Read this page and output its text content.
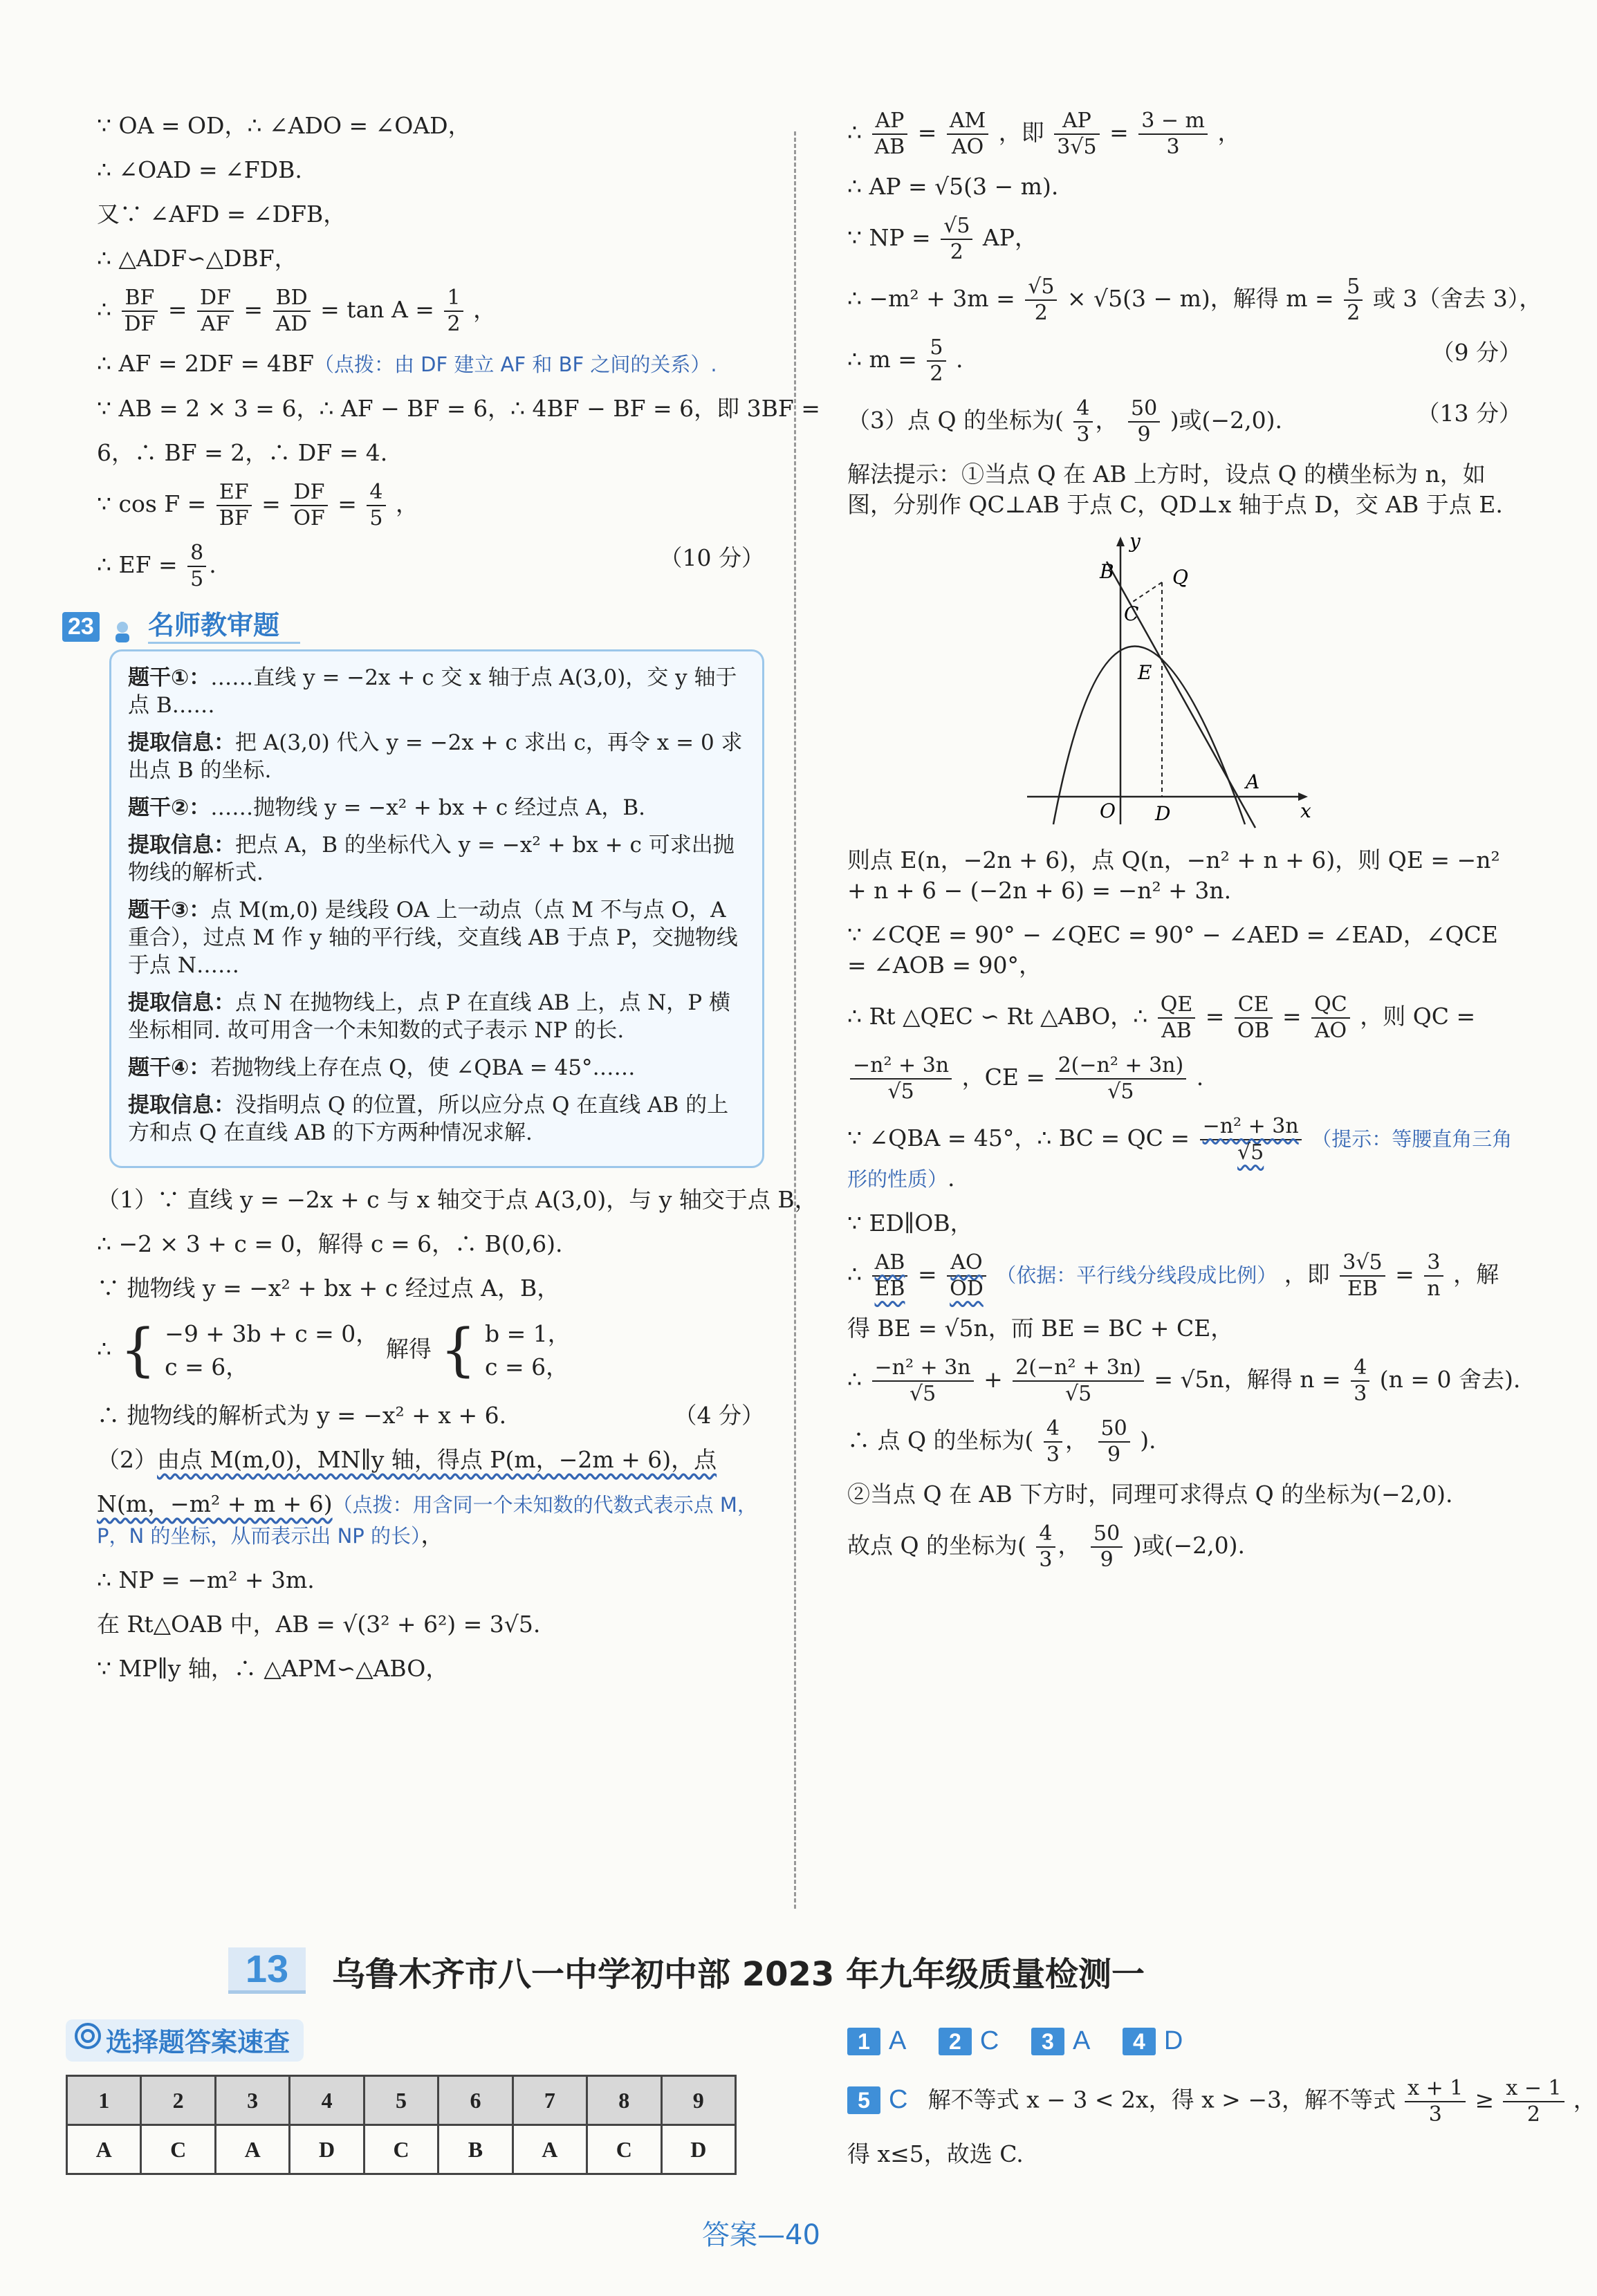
∵ OA = OD，∴ ∠ADO = ∠OAD，
∴ ∠OAD = ∠FDB.
又∵ ∠AFD = ∠DFB，
∴ △ADF∽△DBF，
∴ $\frac{BF}{DF} = \frac{DF}{AF} = \frac{BD}{AD} = \tan A = \frac{1}{2}$ ，
∴ AF = 2DF = 4BF（点拨：由 DF 建立 AF 和 BF 之间的关系）.
∵ AB = 2 × 3 = 6，∴ AF − BF = 6，∴ 4BF − BF = 6，即 3BF =
6，∴ BF = 2，∴ DF = 4.
∵ $\cos F = \frac{EF}{BF} = \frac{DF}{OF} = \frac{4}{5}$ ，
∴ EF = $\frac{8}{5}$ .	（10 分）
23 名师教审题
题干①：……直线 y = −2x + c 交 x 轴于点 A(3,0)，交 y 轴于点 B……
提取信息：把 A(3,0) 代入 y = −2x + c 求出 c，再令 x = 0 求出点 B 的坐标.
题干②：……抛物线 y = −x² + bx + c 经过点 A，B.
提取信息：把点 A，B 的坐标代入 y = −x² + bx + c 可求出抛物线的解析式.
题干③：点 M(m,0) 是线段 OA 上一动点（点 M 不与点 O，A 重合），过点 M 作 y 轴的平行线，交直线 AB 于点 P，交抛物线于点 N……
提取信息：点 N 在抛物线上，点 P 在直线 AB 上，点 N，P 横坐标相同. 故可用含一个未知数的式子表示 NP 的长.
题干④：若抛物线上存在点 Q，使 ∠QBA = 45°……
提取信息：没指明点 Q 的位置，所以应分点 Q 在直线 AB 的上方和点 Q 在直线 AB 的下方两种情况求解.
（1）∵ 直线 y = −2x + c 与 x 轴交于点 A(3,0)，与 y 轴交于点 B，
∴ −2 × 3 + c = 0，解得 c = 6，∴ B(0,6).
∵ 抛物线 y = −x² + bx + c 经过点 A，B，
∴ { −9 + 3b + c = 0，
c = 6，
解得 { b = 1，
c = 6，
∴ 抛物线的解析式为 y = −x² + x + 6.	（4 分）
（2）由点 M(m,0)，MN∥y 轴，得点 P(m，−2m + 6)，点
N(m，−m² + m + 6)（点拨：用含同一个未知数的代数式表示点 M，P，N 的坐标，从而表示出 NP 的长），
∴ NP = −m² + 3m.
在 Rt△OAB 中，AB = √(3² + 6²) = 3√5.
∵ MP∥y 轴，∴ △APM∽△ABO，
∴ $\frac{AP}{AB} = \frac{AM}{AO}$ ，即 $\frac{AP}{3√5} = \frac{3 - m}{3}$ ，
∴ AP = √5(3 − m).
∵ NP = $\frac{√5}{2}$ AP，
∴ $-m^2 + 3m = \frac{√5}{2} \times √5(3 - m)$，解得 $m = \frac{5}{2}$ 或 3（舍去 3），
∴ $m = \frac{5}{2}$ .	（9 分）
（3）点 Q 的坐标为( $\frac{4}{3}$ ， $\frac{50}{9}$ )或(−2,0).	（13 分）
解法提示：①当点 Q 在 AB 上方时，设点 Q 的横坐标为 n，如图，分别作 QC⊥AB 于点 C，QD⊥x 轴于点 D，交 AB 于点 E.
y
x
B	Q
C
E
A
O D
则点 E(n，−2n + 6)，点 Q(n，−n² + n + 6)，则 QE = −n² + n + 6 − (−2n + 6) = −n² + 3n.
∵ ∠CQE = 90° − ∠QEC = 90° − ∠AED = ∠EAD，∠QCE = ∠AOB = 90°，
∴ Rt △QEC ∽ Rt △ABO，∴ $\frac{QE}{AB} = \frac{CE}{OB} = \frac{QC}{AO}$ ，则 QC =
$\frac{\text{−n² + 3n}}{√5}$ ，CE = $\frac{\text{2(−n² + 3n)}}{√5}$ .
∵ ∠QBA = 45°，∴ BC = QC = $\frac{\text{−n² + 3n}}{√5}$ （提示：等腰直角三角形的性质）.
∵ ED∥OB，
∴ $\frac{AB}{EB} = \frac{AO}{OD}$ （依据：平行线分线段成比例） ，即 $\frac{3√5}{EB} = \frac{3}{n}$ ，解
得 BE = √5n，而 BE = BC + CE，
∴ $\frac{\text{−n² + 3n}}{√5} + \frac{\text{2(−n² + 3n)}}{√5} = √5n$，解得 $n = \frac{4}{3} (n = 0$ 舍去).
∴ 点 Q 的坐标为( $\frac{4}{3}$ ， $\frac{50}{9}$ ).
②当点 Q 在 AB 下方时，同理可求得点 Q 的坐标为(−2,0).
故点 Q 的坐标为( $\frac{4}{3}$ ， $\frac{50}{9}$ )或(−2,0).
13	乌鲁木齐市八一中学初中部 2023 年九年级质量检测一
选择题答案速查
1	2	3	4	5	6	7	8	9
A	C	A	D	C	B	A	C	D
1 A 2 C 3 A 4 D
5 C 解不等式 x − 3 < 2x，得 x > −3，解不等式 $\frac{x + 1}{3} \ge \frac{x - 1}{2}$ ，
得 x≤5，故选 C.
答案—40
